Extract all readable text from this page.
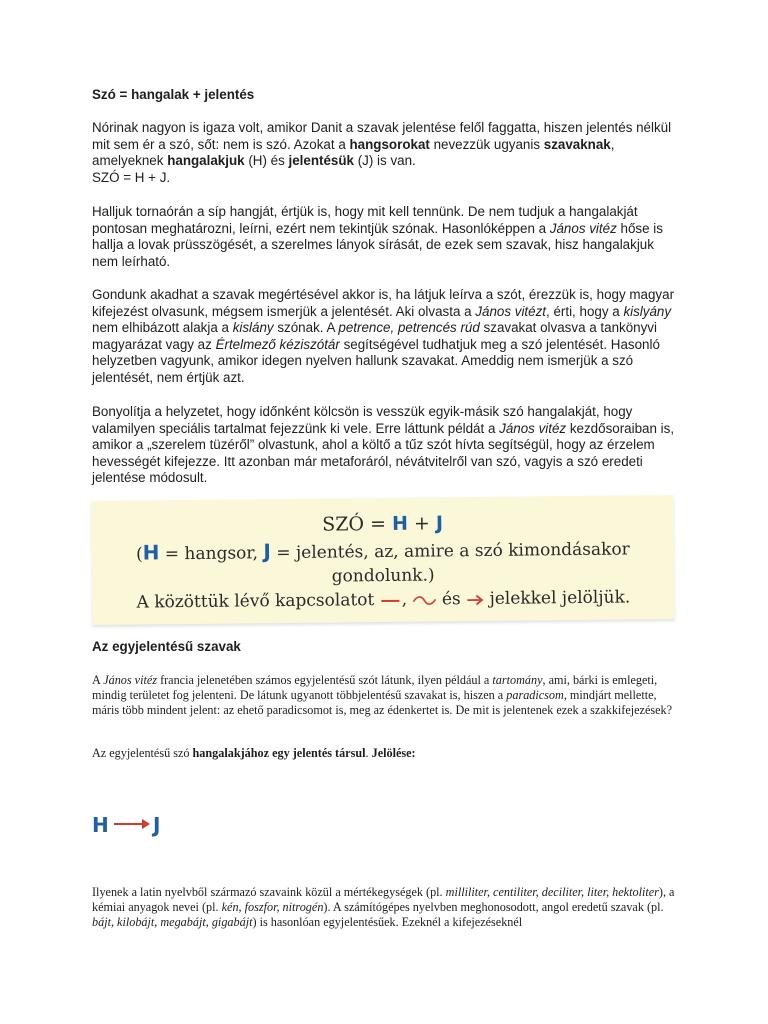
Szó = hangalak + jelentés

Nórinak nagyon is igaza volt, amikor Danit a szavak jelentése felől faggatta, hiszen jelentés nélkül mit sem ér a szó, sőt: nem is szó. Azokat a hangsorokat nevezzük ugyanis szavaknak, amelyeknek hangalakjuk (H) és jelentésük (J) is van.
SZÓ = H + J.

Halljuk tornaórán a síp hangját, értjük is, hogy mit kell tennünk. De nem tudjuk a hangalakját pontosan meghatározni, leírni, ezért nem tekintjük szónak. Hasonlóképpen a János vitéz hőse is hallja a lovak prüsszögését, a szerelmes lányok sírását, de ezek sem szavak, hisz hangalakjuk nem leírható.

Gondunk akadhat a szavak megértésével akkor is, ha látjuk leírva a szót, érezzük is, hogy magyar kifejezést olvasunk, mégsem ismerjük a jelentését. Aki olvasta a János vitézt, érti, hogy a kislyány nem elhibázott alakja a kislány szónak. A petrence, petrencés rúd szavakat olvasva a tankönyvi magyarázat vagy az Értelmező kéziszótár segítségével tudhatjuk meg a szó jelentését. Hasonló helyzetben vagyunk, amikor idegen nyelven hallunk szavakat. Ameddig nem ismerjük a szó jelentését, nem értjük azt.

Bonyolítja a helyzetet, hogy időnként kölcsön is vesszük egyik-másik szó hangalakját, hogy valamilyen speciális tartalmat fejezzünk ki vele. Erre láttunk példát a János vitéz kezdősoraiban is, amikor a „szerelem tüzéről” olvastunk, ahol a költő a tűz szót hívta segítségül, hogy az érzelem hevességét kifejezze. Itt azonban már metaforáról, névátvitelről van szó, vagyis a szó eredeti jelentése módosult.

SZÓ = H + J
(H = hangsor, J = jelentés, az, amire a szó kimondásakor gondolunk.)
A közöttük lévő kapcsolatot , és jelekkel jelöljük.
Az egyjelentésű szavak

A János vitéz francia jelenetében számos egyjelentésű szót látunk, ilyen például a tartomány, ami, bárki is emlegeti, mindig területet fog jelenteni. De látunk ugyanott többjelentésű szavakat is, hiszen a paradicsom, mindjárt mellette, máris több mindent jelent: az ehető paradicsomot is, meg az édenkertet is. De mit is jelentenek ezek a szakkifejezések?

Az egyjelentésű szó hangalakjához egy jelentés társul. Jelölése:

H J

Ilyenek a latin nyelvből származó szavaink közül a mértékegységek (pl. milliliter, centiliter, deciliter, liter, hektoliter), a kémiai anyagok nevei (pl. kén, foszfor, nitrogén). A számítógépes nyelvben meghonosodott, angol eredetű szavak (pl. bájt, kilobájt, megabájt, gigabájt) is hasonlóan egyjelentésűek. Ezeknél a kifejezéseknél
